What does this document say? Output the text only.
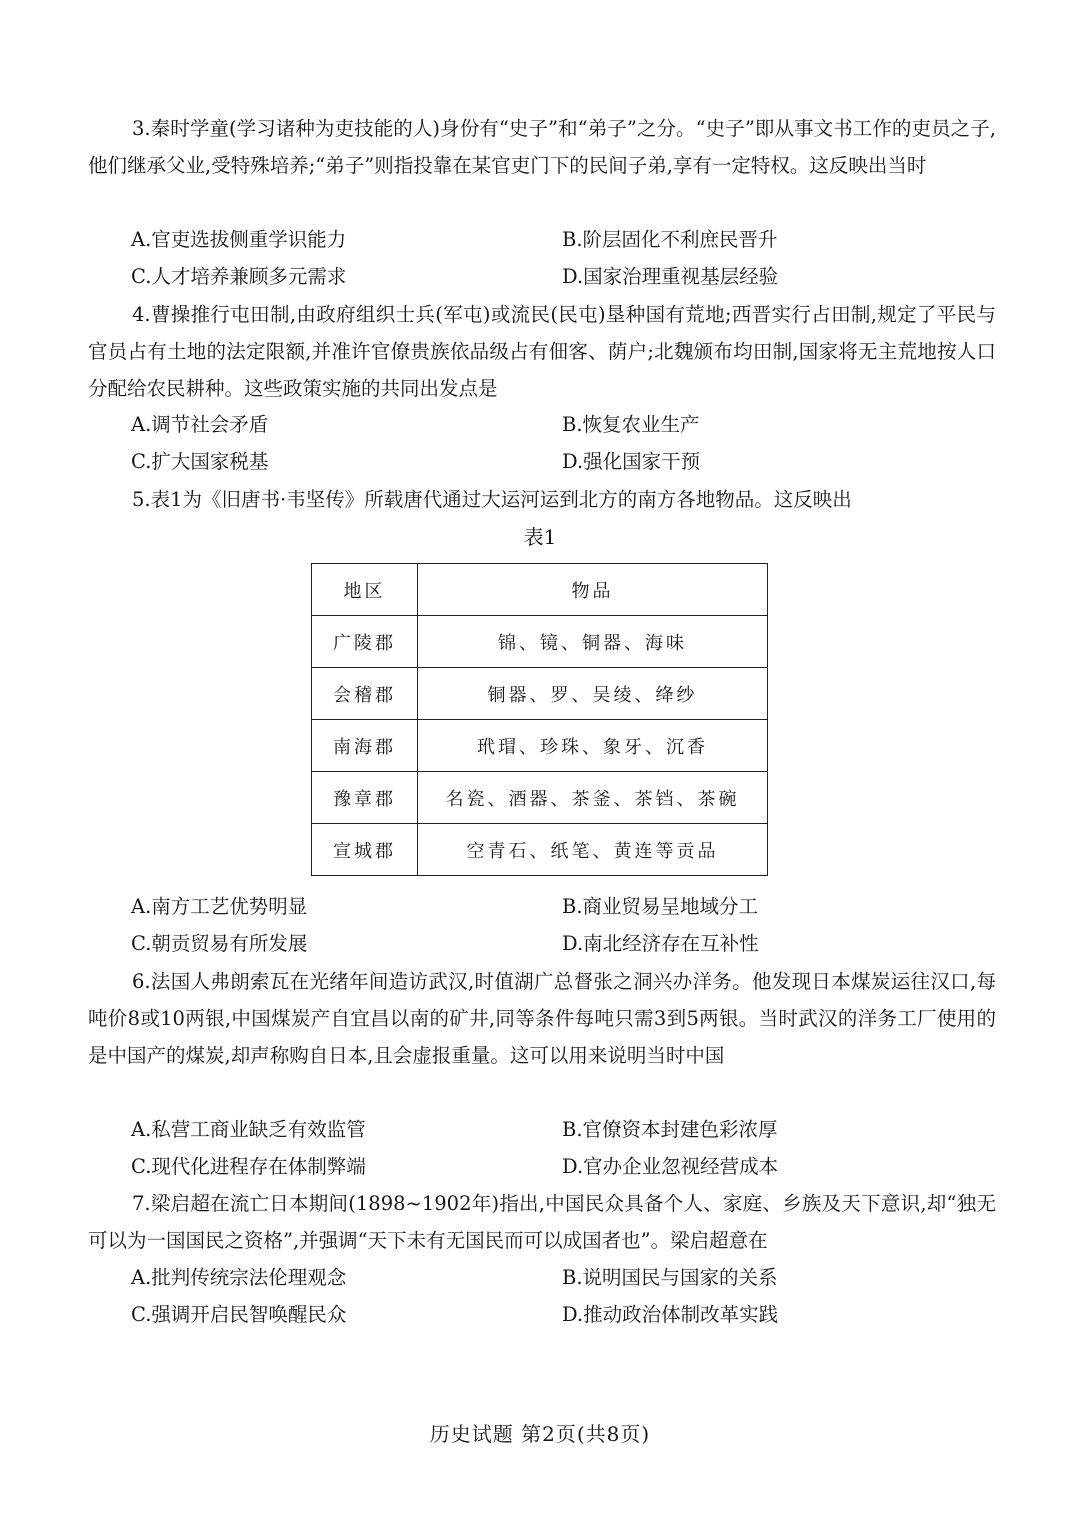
3.秦时学童(学习诸种为吏技能的人)身份有“史子”和“弟子”之分。“史子”即从事文书工作的吏员之子,他们继承父业,受特殊培养;“弟子”则指投靠在某官吏门下的民间子弟,享有一定特权。这反映出当时

A.官吏选拔侧重学识能力	B.阶层固化不利庶民晋升
C.人才培养兼顾多元需求	D.国家治理重视基层经验

4.曹操推行屯田制,由政府组织士兵(军屯)或流民(民屯)垦种国有荒地;西晋实行占田制,规定了平民与官员占有土地的法定限额,并准许官僚贵族依品级占有佃客、荫户;北魏颁布均田制,国家将无主荒地按人口分配给农民耕种。这些政策实施的共同出发点是

A.调节社会矛盾	B.恢复农业生产
C.扩大国家税基	D.强化国家干预

5.表1为《旧唐书·韦坚传》所载唐代通过大运河运到北方的南方各地物品。这反映出

表1
地区	物品
广陵郡	锦、镜、铜器、海味
会稽郡	铜器、罗、吴绫、绛纱
南海郡	玳瑁、珍珠、象牙、沉香
豫章郡	名瓷、酒器、茶釜、茶铛、茶碗
宣城郡	空青石、纸笔、黄连等贡品
A.南方工艺优势明显	B.商业贸易呈地域分工
C.朝贡贸易有所发展	D.南北经济存在互补性

6.法国人弗朗索瓦在光绪年间造访武汉,时值湖广总督张之洞兴办洋务。他发现日本煤炭运往汉口,每吨价8或10两银,中国煤炭产自宜昌以南的矿井,同等条件每吨只需3到5两银。当时武汉的洋务工厂使用的是中国产的煤炭,却声称购自日本,且会虚报重量。这可以用来说明当时中国

A.私营工商业缺乏有效监管	B.官僚资本封建色彩浓厚
C.现代化进程存在体制弊端	D.官办企业忽视经营成本

7.梁启超在流亡日本期间(1898~1902年)指出,中国民众具备个人、家庭、乡族及天下意识,却“独无可以为一国国民之资格”,并强调“天下未有无国民而可以成国者也”。梁启超意在

A.批判传统宗法伦理观念	B.说明国民与国家的关系
C.强调开启民智唤醒民众	D.推动政治体制改革实践
历史试题 第2页(共8页)
